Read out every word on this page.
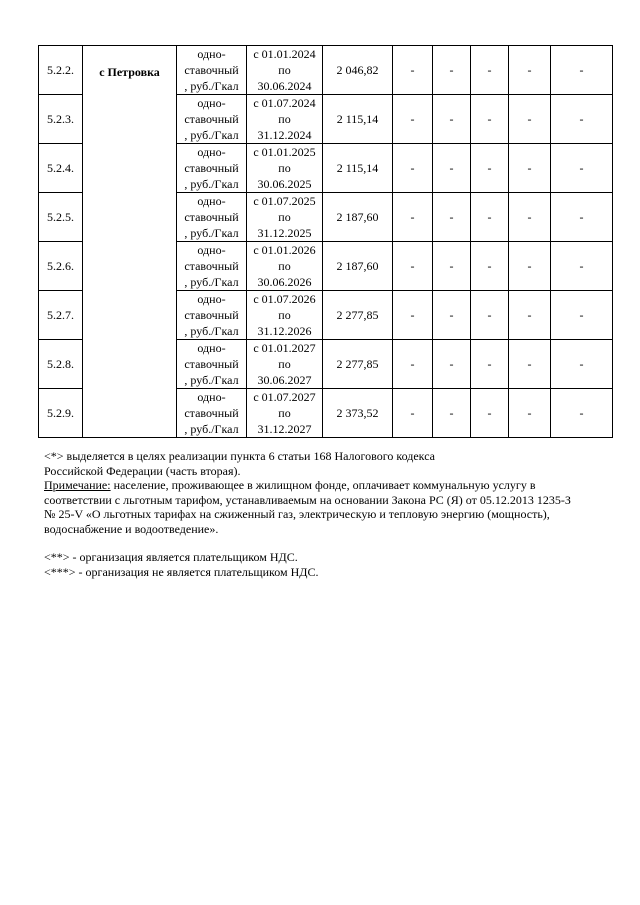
5.2.2.	с Петровка	одно-
ставочный
, руб./Гкал	с 01.01.2024
по
30.06.2024	2 046,82	-	-	-	-	-
5.2.3.		одно-
ставочный
, руб./Гкал	с 01.07.2024
по
31.12.2024	2 115,14	-	-	-	-	-
5.2.4.		одно-
ставочный
, руб./Гкал	с 01.01.2025
по
30.06.2025	2 115,14	-	-	-	-	-
5.2.5.		одно-
ставочный
, руб./Гкал	с 01.07.2025
по
31.12.2025	2 187,60	-	-	-	-	-
5.2.6.		одно-
ставочный
, руб./Гкал	с 01.01.2026
по
30.06.2026	2 187,60	-	-	-	-	-
5.2.7.		одно-
ставочный
, руб./Гкал	с 01.07.2026
по
31.12.2026	2 277,85	-	-	-	-	-
5.2.8.		одно-
ставочный
, руб./Гкал	с 01.01.2027
по
30.06.2027	2 277,85	-	-	-	-	-
5.2.9.		одно-
ставочный
, руб./Гкал	с 01.07.2027
по
31.12.2027	2 373,52	-	-	-	-	-

<*> выделяется в целях реализации пункта 6 статьи 168 Налогового кодекса

Российской Федерации (часть вторая).

Примечание: население, проживающее в жилищном фонде, оплачивает коммунальную услугу в

соответствии с льготным тарифом, устанавливаемым на основании Закона РС (Я) от 05.12.2013 1235-З

№ 25-V «О льготных тарифах на сжиженный газ, электрическую и тепловую энергию (мощность),

водоснабжение и водоотведение».

<**> - организация является плательщиком НДС.

<***> - организация не является плательщиком НДС.
